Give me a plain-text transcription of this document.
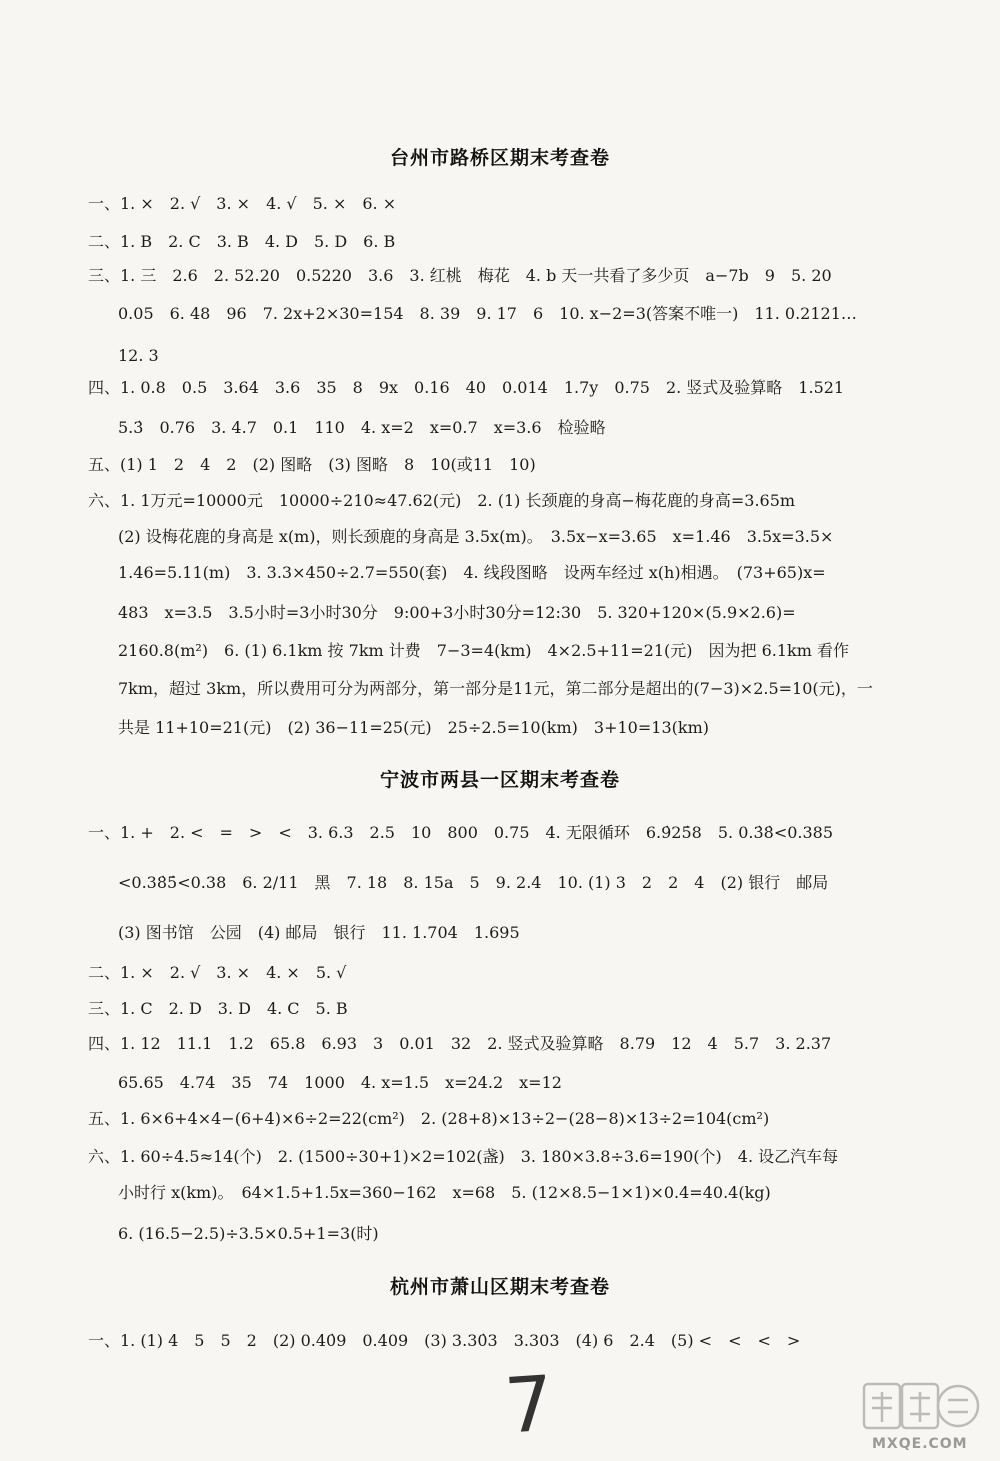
台州市路桥区期末考查卷
一、1. ×　2. √　3. ×　4. √　5. ×　6. ×
二、1. B　2. C　3. B　4. D　5. D　6. B
三、1. 三　2.6　2. 52.20　0.5220　3.6　3. 红桃　梅花　4. b 天一共看了多少页　a−7b　9　5. 20
0.05　6. 48　96　7. 2x+2×30=154　8. 39　9. 17　6　10. x−2=3(答案不唯一)　11. 0.2121…
12. 3
四、1. 0.8　0.5　3.64　3.6　35　8　9x　0.16　40　0.014　1.7y　0.75　2. 竖式及验算略　1.521
5.3̇　0.76　3. 4.7　0.1　110　4. x=2　x=0.7　x=3.6　检验略
五、(1) 1　2　4　2　(2) 图略　(3) 图略　8　10(或11　10)
六、1. 1万元=10000元　10000÷210≈47.62(元)　2. (1) 长颈鹿的身高−梅花鹿的身高=3.65m
(2) 设梅花鹿的身高是 x(m)，则长颈鹿的身高是 3.5x(m)。　3.5x−x=3.65　x=1.46　3.5x=3.5×
1.46=5.11(m)　3. 3.3×450÷2.7=550(套)　4. 线段图略　设两车经过 x(h)相遇。　(73+65)x=
483　x=3.5　3.5小时=3小时30分　9:00+3小时30分=12:30　5. 320+120×(5.9×2.6)=
2160.8(m²)　6. (1) 6.1km 按 7km 计费　7−3=4(km)　4×2.5+11=21(元)　因为把 6.1km 看作
7km，超过 3km，所以费用可分为两部分，第一部分是11元，第二部分是超出的(7−3)×2.5=10(元)，一
共是 11+10=21(元)　(2) 36−11=25(元)　25÷2.5=10(km)　3+10=13(km)
宁波市两县一区期末考查卷
一、1. +　2. <　=　>　<　3. 6.3　2.5　10　800　0.75　4. 无限循环　6.9̇25̇8　5. 0.3̇8̇<0.385
<0.38̇5̇<0.38　6. 2/11　黑　7. 18　8. 15a　5　9. 2.4　10. (1) 3　2　2　4　(2) 银行　邮局
(3) 图书馆　公园　(4) 邮局　银行　11. 1.704　1.695
二、1. ×　2. √　3. ×　4. ×　5. √
三、1. C　2. D　3. D　4. C　5. B
四、1. 12　11.1　1.2　65.8　6.93　3　0.01　32　2. 竖式及验算略　8.79　12　4　5.7　3. 2.37
65.65　4.74　35　74　1000　4. x=1.5　x=24.2　x=12
五、1. 6×6+4×4−(6+4)×6÷2=22(cm²)　2. (28+8)×13÷2−(28−8)×13÷2=104(cm²)
六、1. 60÷4.5≈14(个)　2. (1500÷30+1)×2=102(盏)　3. 180×3.8÷3.6=190(个)　4. 设乙汽车每
小时行 x(km)。　64×1.5+1.5x=360−162　x=68　5. (12×8.5−1×1)×0.4=40.4(kg)
6. (16.5−2.5)÷3.5×0.5+1=3(时)
杭州市萧山区期末考查卷
一、1. (1) 4　5　5　2　(2) 0.40̇9　0.409　(3) 3.30̇3　3.303　(4) 6　2.4　(5) <　<　<　>
7	MXQE.COM
